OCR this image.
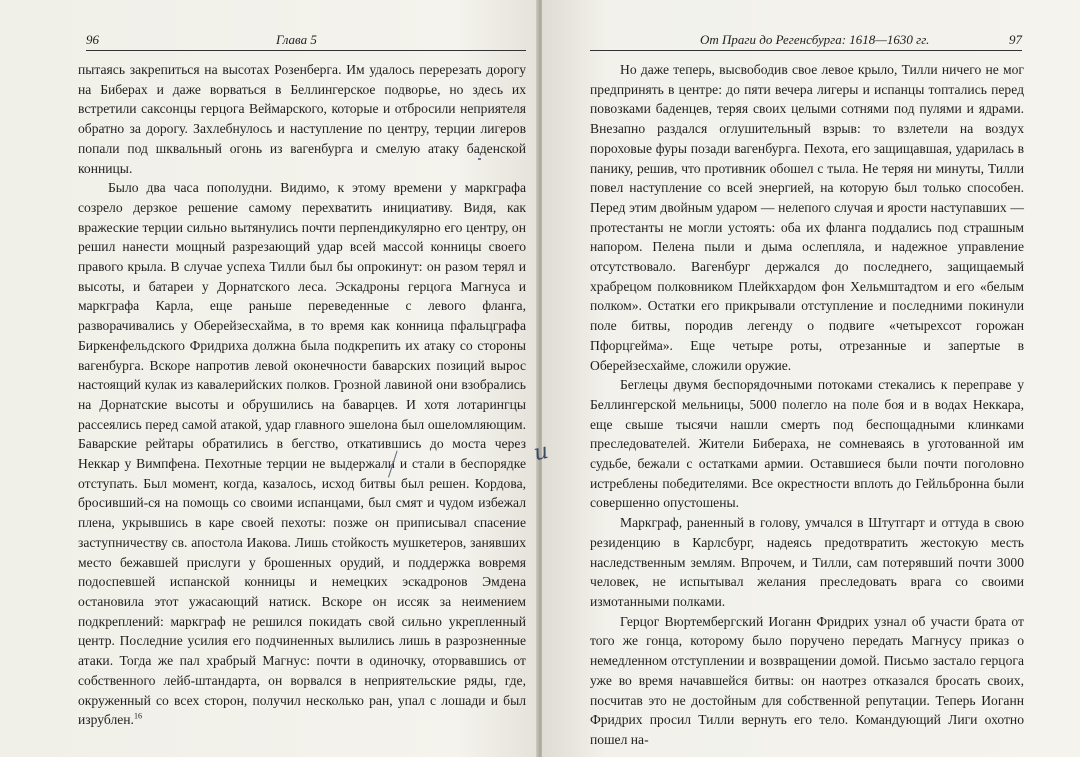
96	Глава 5

пытаясь закрепиться на высотах Розенберга. Им удалось перерезать дорогу на Биберах и даже ворваться в Беллингерское подворье, но здесь их встретили саксонцы герцога Веймарского, которые и отбросили неприятеля обратно за дорогу. Захлебнулось и наступление по центру, терции лигеров попали под шквальный огонь из вагенбурга и смелую атаку баденской конницы.

Было два часа пополудни. Видимо, к этому времени у маркграфа созрело дерзкое решение самому перехватить инициативу. Видя, как вражеские терции сильно вытянулись почти перпендикулярно его центру, он решил нанести мощный разрезающий удар всей массой конницы своего правого крыла. В случае успеха Тилли был бы опрокинут: он разом терял и высоты, и батареи у Дорнатского леса. Эскадроны герцога Магнуса и маркграфа Карла, еще раньше переведенные с левого фланга, разворачивались у Оберейзесхайма, в то время как конница пфальцграфа Биркенфельдского Фридриха должна была подкрепить их атаку со стороны вагенбурга. Вскоре напротив левой оконечности баварских позиций вырос настоящий кулак из кавалерийских полков. Грозной лавиной они взобрались на Дорнатские высоты и обрушились на баварцев. И хотя лотарингцы рассеялись перед самой атакой, удар главного эшелона был ошеломляющим. Баварские рейтары обратились в бегство, откатившись до моста через Неккар у Вимпфена. Пехотные терции не выдержали и стали в беспорядке отступать. Был момент, когда, казалось, исход битвы был решен. Кордова, бросивший-ся на помощь со своими испанцами, был смят и чудом избежал плена, укрывшись в каре своей пехоты: позже он приписывал спасение заступничеству св. апостола Иакова. Лишь стойкость мушкетеров, занявших место бежавшей прислуги у брошенных орудий, и поддержка вовремя подоспевшей испанской конницы и немецких эскадронов Эмдена остановила этот ужасающий натиск. Вскоре он иссяк за неимением подкреплений: маркграф не решился покидать свой сильно укрепленный центр. Последние усилия его подчиненных вылились лишь в разрозненные атаки. Тогда же пал храбрый Магнус: почти в одиночку, оторвавшись от собственного лейб-штандарта, он ворвался в неприятельские ряды, где, окруженный со всех сторон, получил несколько ран, упал с лошади и был изрублен.$^{16}$

От Праги до Регенсбурга: 1618—1630 гг.	97

Но даже теперь, высвободив свое левое крыло, Тилли ничего не мог предпринять в центре: до пяти вечера лигеры и испанцы топтались перед повозками баденцев, теряя своих целыми сотнями под пулями и ядрами. Внезапно раздался оглушительный взрыв: то взлетели на воздух пороховые фуры позади вагенбурга. Пехота, его защищавшая, ударилась в панику, решив, что противник обошел с тыла. Не теряя ни минуты, Тилли повел наступление со всей энергией, на которую был только способен. Перед этим двойным ударом — нелепого случая и ярости наступавших — протестанты не могли устоять: оба их фланга поддались под страшным напором. Пелена пыли и дыма ослепляла, и надежное управление отсутствовало. Вагенбург держался до последнего, защищаемый храбрецом полковником Плейкхардом фон Хельмштадтом и его «белым полком». Остатки его прикрывали отступление и последними покинули поле битвы, породив легенду о подвиге «четырехсот горожан Пфорцгейма». Еще четыре роты, отрезанные и запертые в Оберейзесхайме, сложили оружие.

Беглецы двумя беспорядочными потоками стекались к переправе у Беллингерской мельницы, 5000 полегло на поле боя и в водах Неккара, еще свыше тысячи нашли смерть под беспощадными клинками преследователей. Жители Бибераха, не сомневаясь в уготованной им судьбе, бежали с остатками армии. Оставшиеся были почти поголовно истреблены победителями. Все окрестности вплоть до Гейльбронна были совершенно опустошены.

Маркграф, раненный в голову, умчался в Штутгарт и оттуда в свою резиденцию в Карлсбург, надеясь предотвратить жестокую месть наследственным землям. Впрочем, и Тилли, сам потерявший почти 3000 человек, не испытывал желания преследовать врага со своими измотанными полками.

Герцог Вюртембергский Иоганн Фридрих узнал об участи брата от того же гонца, которому было поручено передать Магнусу приказ о немедленном отступлении и возвращении домой. Письмо застало герцога уже во время начавшейся битвы: он наотрез отказался бросать своих, посчитав это не достойным для собственной репутации. Теперь Иоганн Фридрих просил Тилли вернуть его тело. Командующий Лиги охотно пошел на-

и
